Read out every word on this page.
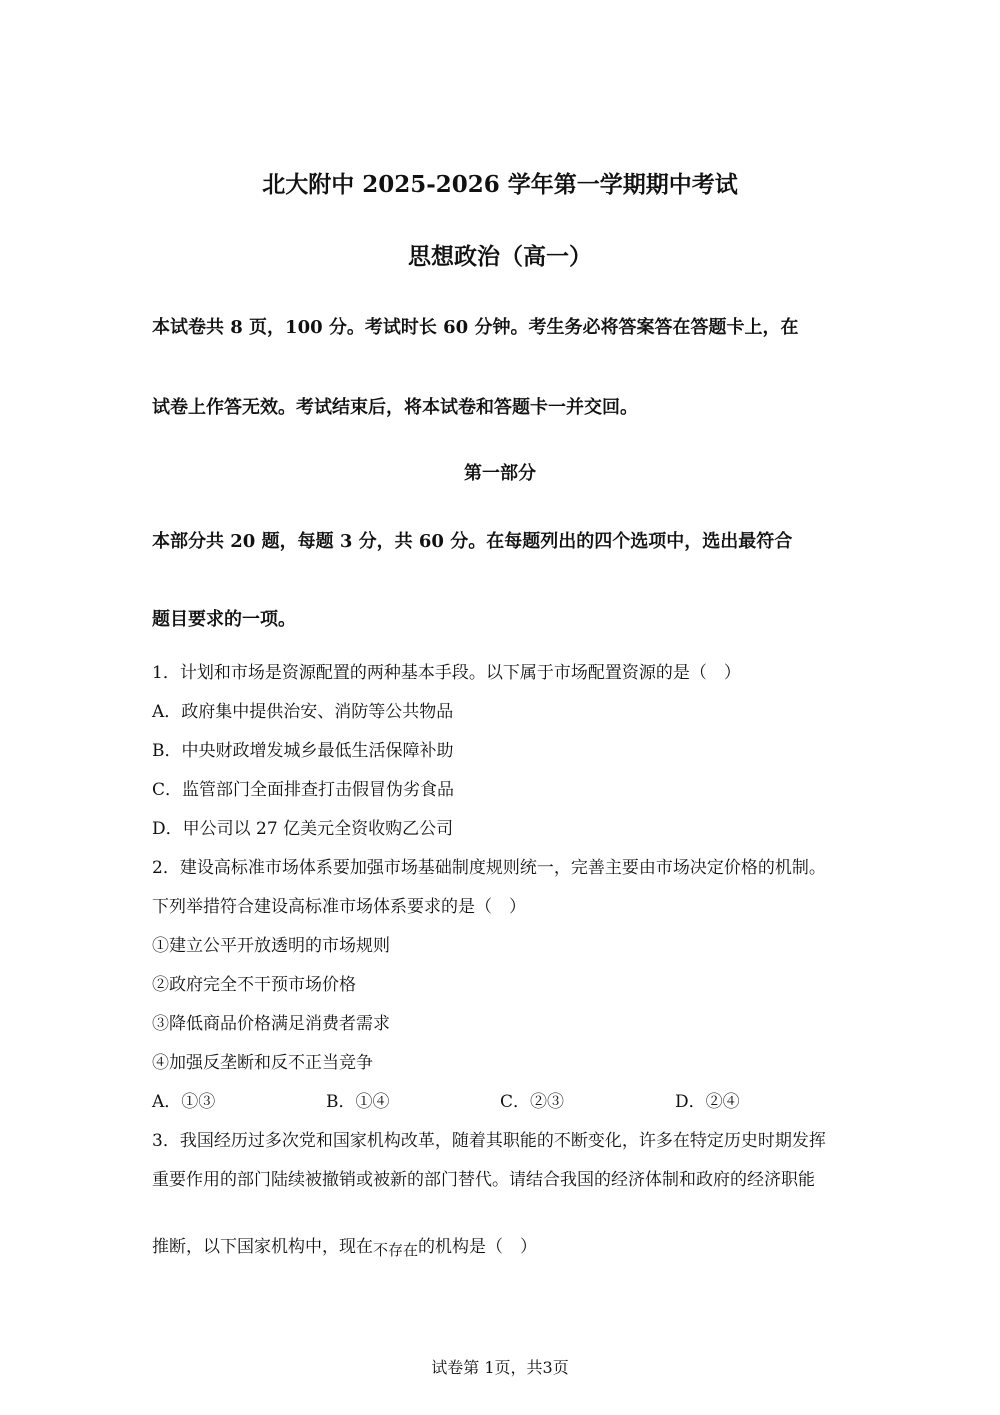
北大附中 2025-2026 学年第一学期期中考试
思想政治（高一）
本试卷共 8 页，100 分。考试时长 60 分钟。考生务必将答案答在答题卡上，在
试卷上作答无效。考试结束后，将本试卷和答题卡一并交回。
第一部分
本部分共 20 题，每题 3 分，共 60 分。在每题列出的四个选项中，选出最符合
题目要求的一项。
1．计划和市场是资源配置的两种基本手段。以下属于市场配置资源的是（　）
A．政府集中提供治安、消防等公共物品
B．中央财政增发城乡最低生活保障补助
C．监管部门全面排查打击假冒伪劣食品
D．甲公司以 27 亿美元全资收购乙公司
2．建设高标准市场体系要加强市场基础制度规则统一，完善主要由市场决定价格的机制。
下列举措符合建设高标准市场体系要求的是（　）
①建立公平开放透明的市场规则
②政府完全不干预市场价格
③降低商品价格满足消费者需求
④加强反垄断和反不正当竞争
A．①③	B．①④	C．②③	D．②④
3．我国经历过多次党和国家机构改革，随着其职能的不断变化，许多在特定历史时期发挥
重要作用的部门陆续被撤销或被新的部门替代。请结合我国的经济体制和政府的经济职能
推断，以下国家机构中，现在不存在的机构是（　）
试卷第 1页，共3页
